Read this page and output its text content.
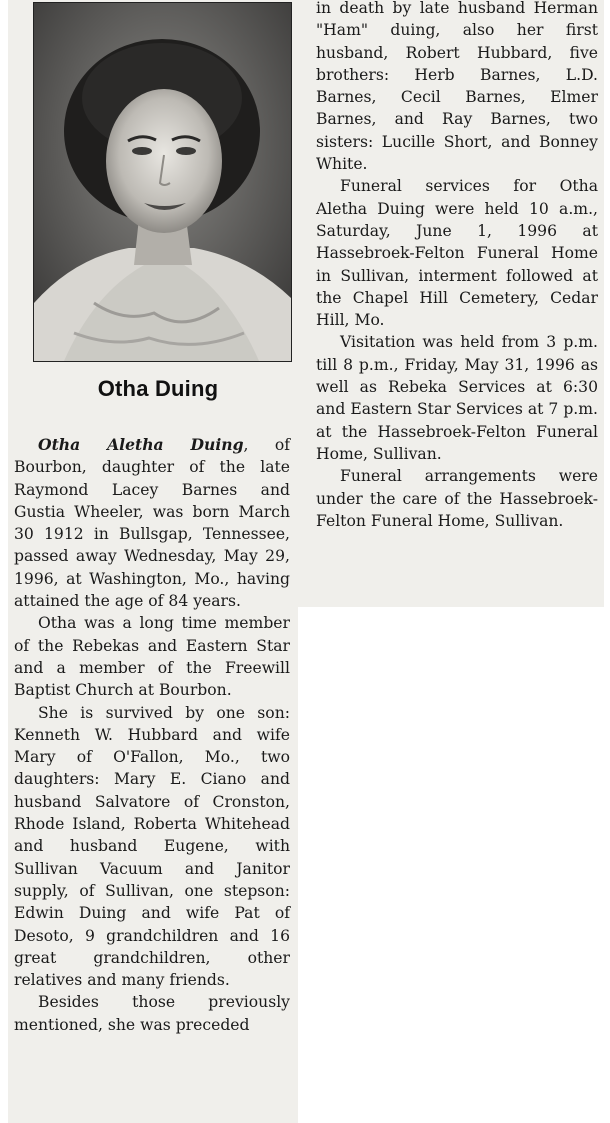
Otha Duing

Otha Aletha Duing, of Bourbon, daughter of the late Raymond Lacey Barnes and Gustia Wheeler, was born March 30 1912 in Bullsgap, Tennessee, passed away Wednesday, May 29, 1996, at Washington, Mo., having attained the age of 84 years.

Otha was a long time member of the Rebekas and Eastern Star and a member of the Freewill Baptist Church at Bourbon.

She is survived by one son: Kenneth W. Hubbard and wife Mary of O'Fallon, Mo., two daughters: Mary E. Ciano and husband Salvatore of Cronston, Rhode Island, Roberta Whitehead and husband Eugene, with Sullivan Vacuum and Janitor supply, of Sullivan, one stepson: Edwin Duing and wife Pat of Desoto, 9 grandchildren and 16 great grandchildren, other relatives and many friends.

Besides those previously mentioned, she was preceded

in death by late husband Herman "Ham" duing, also her first husband, Robert Hubbard, five brothers: Herb Barnes, L.D. Barnes, Cecil Barnes, Elmer Barnes, and Ray Barnes, two sisters: Lucille Short, and Bonney White.

Funeral services for Otha Aletha Duing were held 10 a.m., Saturday, June 1, 1996 at Hassebroek-Felton Funeral Home in Sullivan, interment followed at the Chapel Hill Cemetery, Cedar Hill, Mo.

Visitation was held from 3 p.m. till 8 p.m., Friday, May 31, 1996 as well as Rebeka Services at 6:30 and Eastern Star Services at 7 p.m. at the Hassebroek-Felton Funeral Home, Sullivan.

Funeral arrangements were under the care of the Hassebroek-Felton Funeral Home, Sullivan.
